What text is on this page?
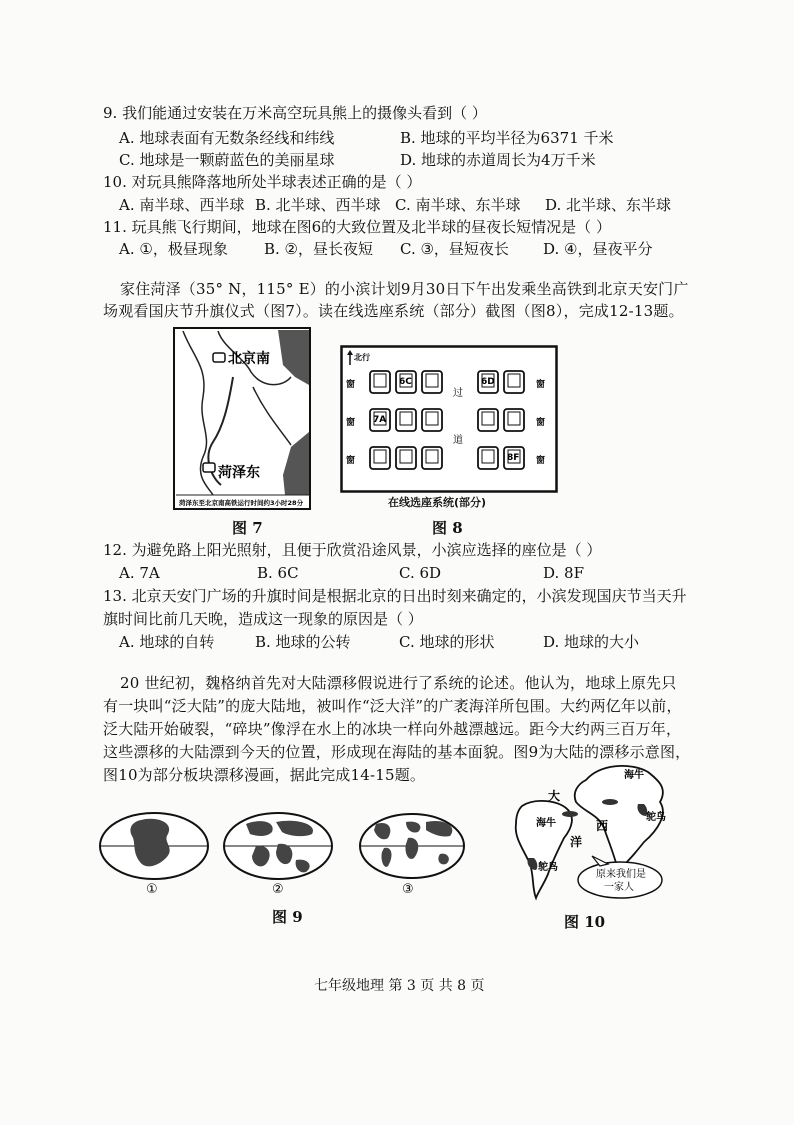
9. 我们能通过安装在万米高空玩具熊上的摄像头看到（ ）
A. 地球表面有无数条经线和纬线	B. 地球的平均半径为6371 千米
C. 地球是一颗蔚蓝色的美丽星球	D. 地球的赤道周长为4万千米
10. 对玩具熊降落地所处半球表述正确的是（ ）
A. 南半球、西半球 B. 北半球、西半球 C. 南半球、东半球 D. 北半球、东半球
11. 玩具熊飞行期间，地球在图6的大致位置及北半球的昼夜长短情况是（ ）
A. ①，极昼现象 B. ②，昼长夜短 C. ③，昼短夜长 D. ④，昼夜平分
家住菏泽（35° N，115° E）的小滨计划9月30日下午出发乘坐高铁到北京天安门广
场观看国庆节升旗仪式（图7）。读在线选座系统（部分）截图（图8），完成12-13题。
北京南
菏泽东
菏泽东至北京南高铁运行时间约3小时28分
图 7
北行
窗	6C	6D	窗
窗 7A	窗
窗	8F 窗
过
道
在线选座系统(部分)
图 8
12. 为避免路上阳光照射，且便于欣赏沿途风景，小滨应选择的座位是（ ）
A. 7A	B. 6C	C. 6D	D. 8F
13. 北京天安门广场的升旗时间是根据北京的日出时刻来确定的，小滨发现国庆节当天升
旗时间比前几天晚，造成这一现象的原因是（ ）
A. 地球的自转	B. 地球的公转	C. 地球的形状	D. 地球的大小
20 世纪初，魏格纳首先对大陆漂移假说进行了系统的论述。他认为，地球上原先只
有一块叫“泛大陆”的庞大陆地，被叫作“泛大洋”的广袤海洋所包围。大约两亿年以前，
泛大陆开始破裂，“碎块”像浮在水上的冰块一样向外越漂越远。距今大约两三百万年，
这些漂移的大陆漂到今天的位置，形成现在海陆的基本面貌。图9为大陆的漂移示意图，
图10为部分板块漂移漫画，据此完成14-15题。
①	②	③
图 9
原来我们是
一家人
大
西
洋
海牛
海牛
鸵鸟
鸵鸟
图 10
七年级地理 第 3 页 共 8 页
